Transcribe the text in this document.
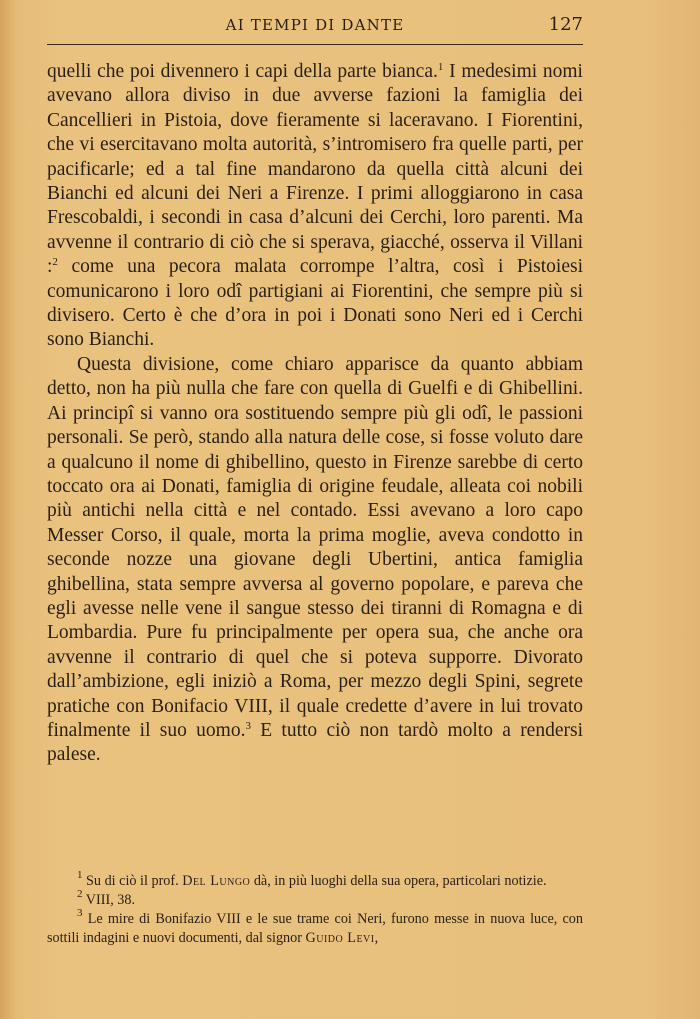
AI TEMPI DI DANTE	127

quelli che poi divennero i capi della parte bianca.$^1$ I medesimi nomi avevano allora diviso in due avverse fazioni la famiglia dei Cancellieri in Pistoia, dove fieramente si laceravano. I Fiorentini, che vi esercitavano molta autorità, s’intromisero fra quelle parti, per pacificarle; ed a tal fine mandarono da quella città alcuni dei Bianchi ed alcuni dei Neri a Firenze. I primi alloggiarono in casa Frescobaldi, i secondi in casa d’alcuni dei Cerchi, loro parenti. Ma avvenne il contrario di ciò che si sperava, giacché, osserva il Villani :$^2$ come una pecora malata corrompe l’altra, così i Pistoiesi comunicarono i loro odî partigiani ai Fiorentini, che sempre più si divisero. Certo è che d’ora in poi i Donati sono Neri ed i Cerchi sono Bianchi.

Questa divisione, come chiaro apparisce da quanto abbiam detto, non ha più nulla che fare con quella di Guelfi e di Ghibellini. Ai principî si vanno ora sostituendo sempre più gli odî, le passioni personali. Se però, stando alla natura delle cose, si fosse voluto dare a qualcuno il nome di ghibellino, questo in Firenze sarebbe di certo toccato ora ai Donati, famiglia di origine feudale, alleata coi nobili più antichi nella città e nel contado. Essi avevano a loro capo Messer Corso, il quale, morta la prima moglie, aveva condotto in seconde nozze una giovane degli Ubertini, antica famiglia ghibellina, stata sempre avversa al governo popolare, e pareva che egli avesse nelle vene il sangue stesso dei tiranni di Romagna e di Lombardia. Pure fu principalmente per opera sua, che anche ora avvenne il contrario di quel che si poteva supporre. Divorato dall’ambizione, egli iniziò a Roma, per mezzo degli Spini, segrete pratiche con Bonifacio VIII, il quale credette d’avere in lui trovato finalmente il suo uomo.$^3$ E tutto ciò non tardò molto a rendersi palese.

$^1$ Su di ciò il prof. Del Lungo dà, in più luoghi della sua opera, particolari notizie.

$^2$ VIII, 38.

$^3$ Le mire di Bonifazio VIII e le sue trame coi Neri, furono messe in nuova luce, con sottili indagini e nuovi documenti, dal signor Guido Levi,
